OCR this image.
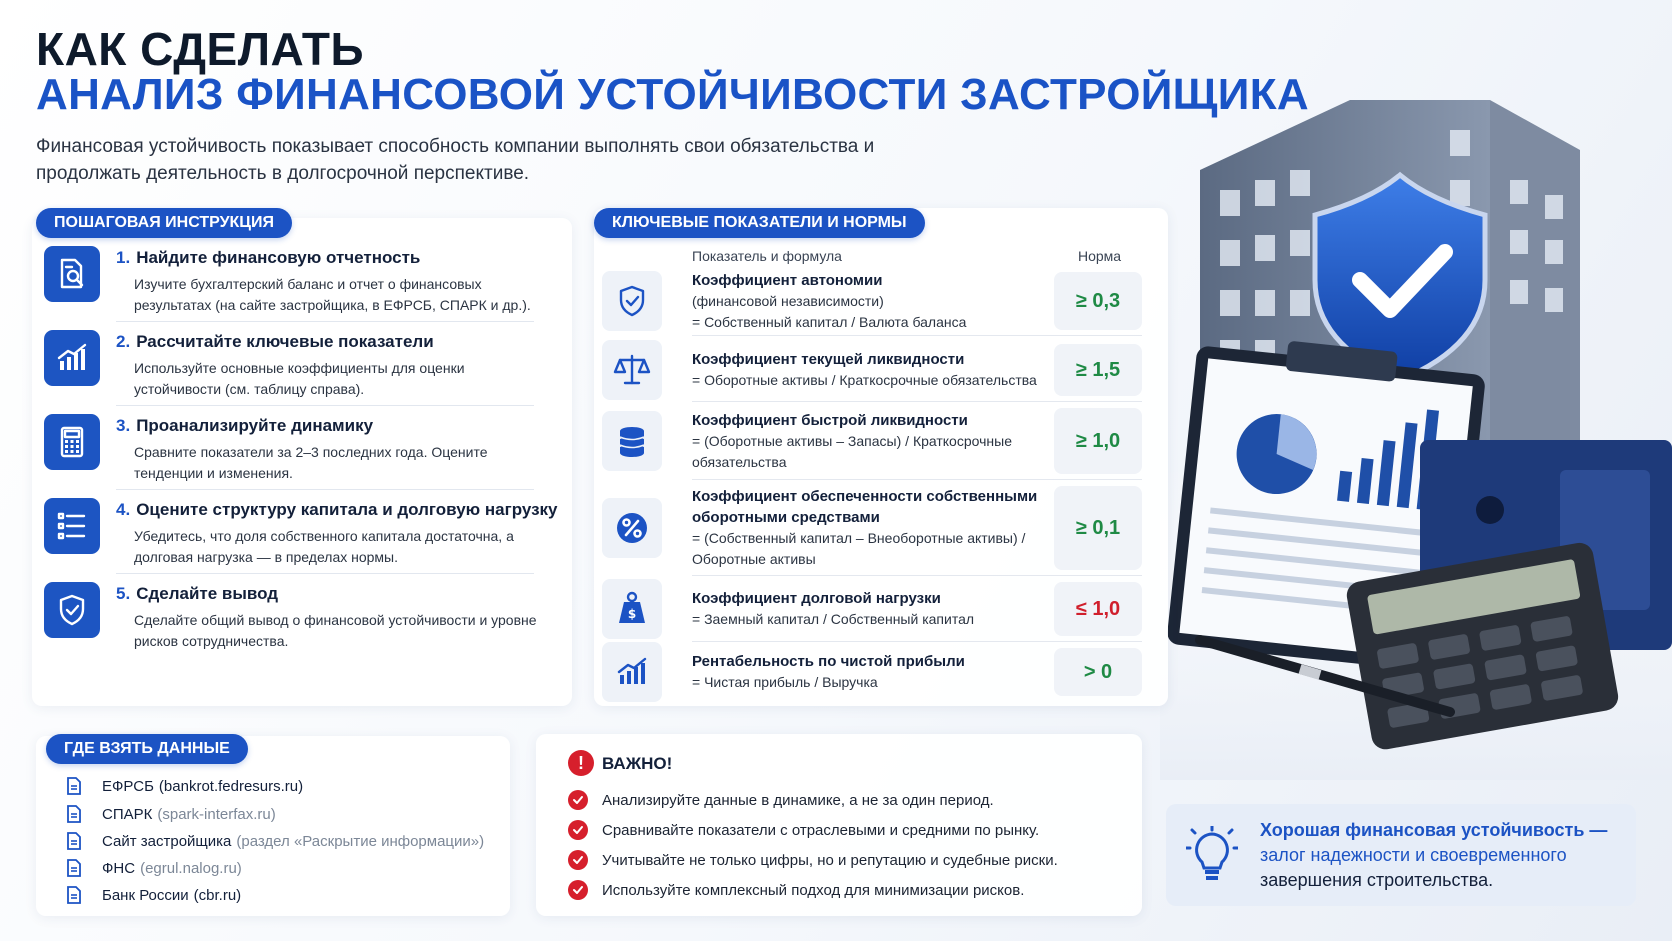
КАК СДЕЛАТЬ
АНАЛИЗ ФИНАНСОВОЙ УСТОЙЧИВОСТИ ЗАСТРОЙЩИКА
Финансовая устойчивость показывает способность компании выполнять свои обязательства и продолжать деятельность в долгосрочной перспективе.
ПОШАГОВАЯ ИНСТРУКЦИЯ
1. Найдите финансовую отчетность
Изучите бухгалтерский баланс и отчет о финансовых результатах (на сайте застройщика, в ЕФРСБ, СПАРК и др.).
2. Рассчитайте ключевые показатели
Используйте основные коэффициенты для оценки устойчивости (см. таблицу справа).
3. Проанализируйте динамику
Сравните показатели за 2–3 последних года. Оцените тенденции и изменения.
4. Оцените структуру капитала и долговую нагрузку
Убедитесь, что доля собственного капитала достаточна, а долговая нагрузка — в пределах нормы.
5. Сделайте вывод
Сделайте общий вывод о финансовой устойчивости и уровне рисков сотрудничества.
КЛЮЧЕВЫЕ ПОКАЗАТЕЛИ И НОРМЫ
Показатель и формула	Норма
Коэффициент автономии
(финансовой независимости)
= Собственный капитал / Валюта баланса
≥ 0,3
Коэффициент текущей ликвидности
= Оборотные активы / Краткосрочные обязательства	≥ 1,5
Коэффициент быстрой ликвидности
= (Оборотные активы – Запасы) / Краткосрочные обязательства
≥ 1,0
Коэффициент обеспеченности собственными оборотными средствами
= (Собственный капитал – Внеоборотные активы) / Оборотные активы
≥ 0,1
$
Коэффициент долговой нагрузки
= Заемный капитал / Собственный капитал	≤ 1,0
Рентабельность по чистой прибыли
= Чистая прибыль / Выручка	> 0
ГДЕ ВЗЯТЬ ДАННЫЕ
ЕФРСБ (bankrot.fedresurs.ru)
СПАРК (spark-interfax.ru)
Сайт застройщика (раздел «Раскрытие информации»)
ФНС (egrul.nalog.ru)
Банк России (cbr.ru)
!	ВАЖНО!
Анализируйте данные в динамике, а не за один период.
Сравнивайте показатели с отраслевыми и средними по рынку.
Учитывайте не только цифры, но и репутацию и судебные риски.
Используйте комплексный подход для минимизации рисков.
Хорошая финансовая устойчивость —
залог надежности и своевременного
завершения строительства.
